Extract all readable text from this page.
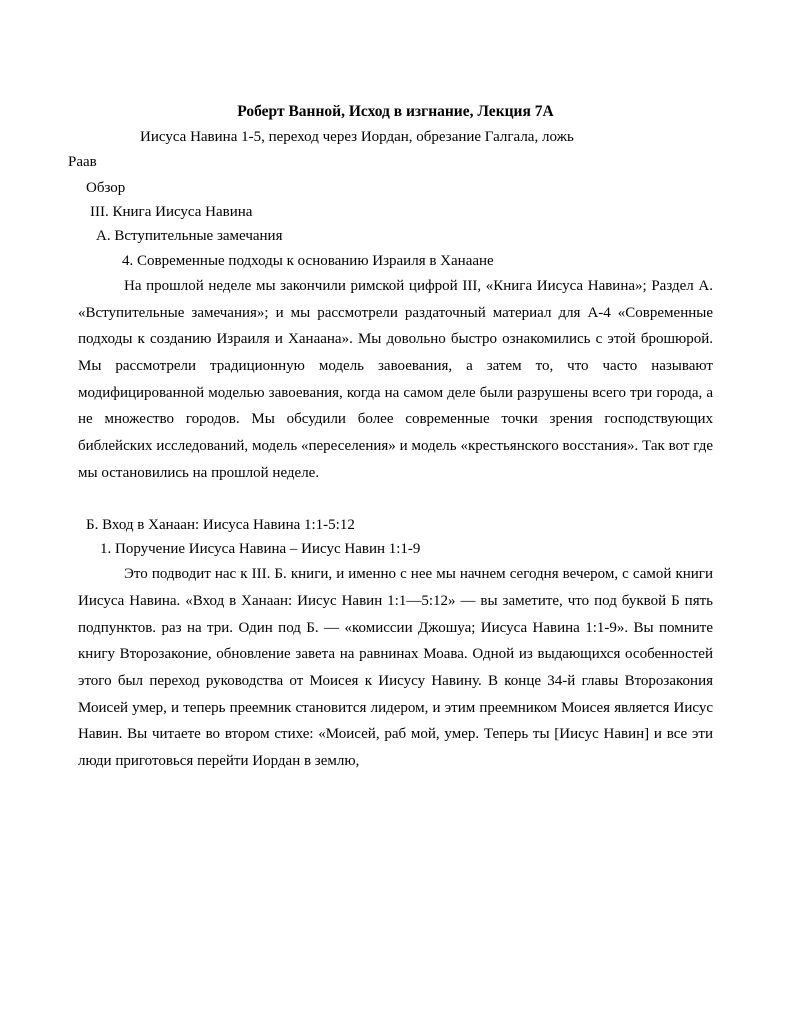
Роберт Ванной, Исход в изгнание, Лекция 7А

Иисуса Навина 1-5, переход через Иордан, обрезание Галгала, ложь

Раав

Обзор

III. Книга Иисуса Навина

A. Вступительные замечания

4. Современные подходы к основанию Израиля в Ханаане

На прошлой неделе мы закончили римской цифрой III, «Книга Иисуса Навина»; Раздел А. «Вступительные замечания»; и мы рассмотрели раздаточный материал для А-4 «Современные подходы к созданию Израиля и Ханаана». Мы довольно быстро ознакомились с этой брошюрой. Мы рассмотрели традиционную модель завоевания, а затем то, что часто называют модифицированной моделью завоевания, когда на самом деле были разрушены всего три города, а не множество городов. Мы обсудили более современные точки зрения господствующих библейских исследований, модель «переселения» и модель «крестьянского восстания». Так вот где мы остановились на прошлой неделе.

Б. Вход в Ханаан: Иисуса Навина 1:1-5:12

1. Поручение Иисуса Навина – Иисус Навин 1:1-9

Это подводит нас к III. Б. книги, и именно с нее мы начнем сегодня вечером, с самой книги Иисуса Навина. «Вход в Ханаан: Иисус Навин 1:1—5:12» — вы заметите, что под буквой Б пять подпунктов. раз на три. Один под Б. — «комиссии Джошуа; Иисуса Навина 1:1-9». Вы помните книгу Второзаконие, обновление завета на равнинах Моава. Одной из выдающихся особенностей этого был переход руководства от Моисея к Иисусу Навину. В конце 34-й главы Второзакония Моисей умер, и теперь преемник становится лидером, и этим преемником Моисея является Иисус Навин. Вы читаете во втором стихе: «Моисей, раб мой, умер. Теперь ты [Иисус Навин] и все эти люди приготовься перейти Иордан в землю,
